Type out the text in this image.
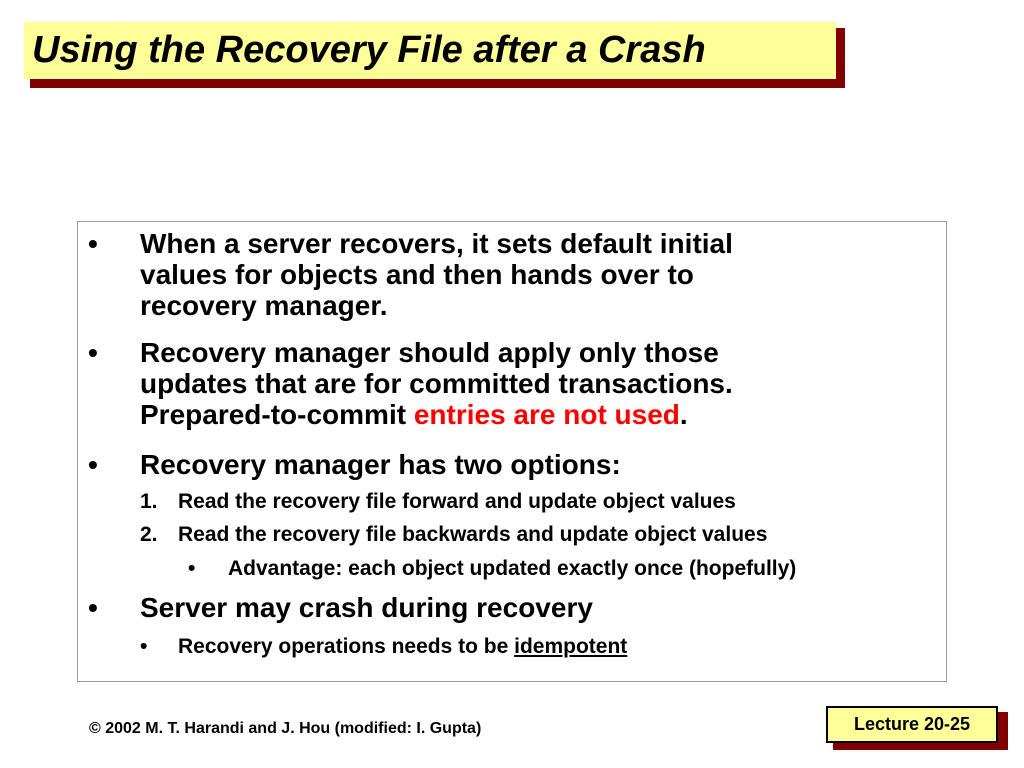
Using the Recovery File after a Crash
• When a server recovers, it sets default initial
values for objects and then hands over to
recovery manager.
• Recovery manager should apply only those
updates that are for committed transactions.
Prepared-to-commit entries are not used.
• Recovery manager has two options:
1. Read the recovery file forward and update object values
2. Read the recovery file backwards and update object values
• Advantage: each object updated exactly once (hopefully)
• Server may crash during recovery
• Recovery operations needs to be idempotent
© 2002 M. T. Harandi and J. Hou (modified: I. Gupta)	Lecture 20-25
